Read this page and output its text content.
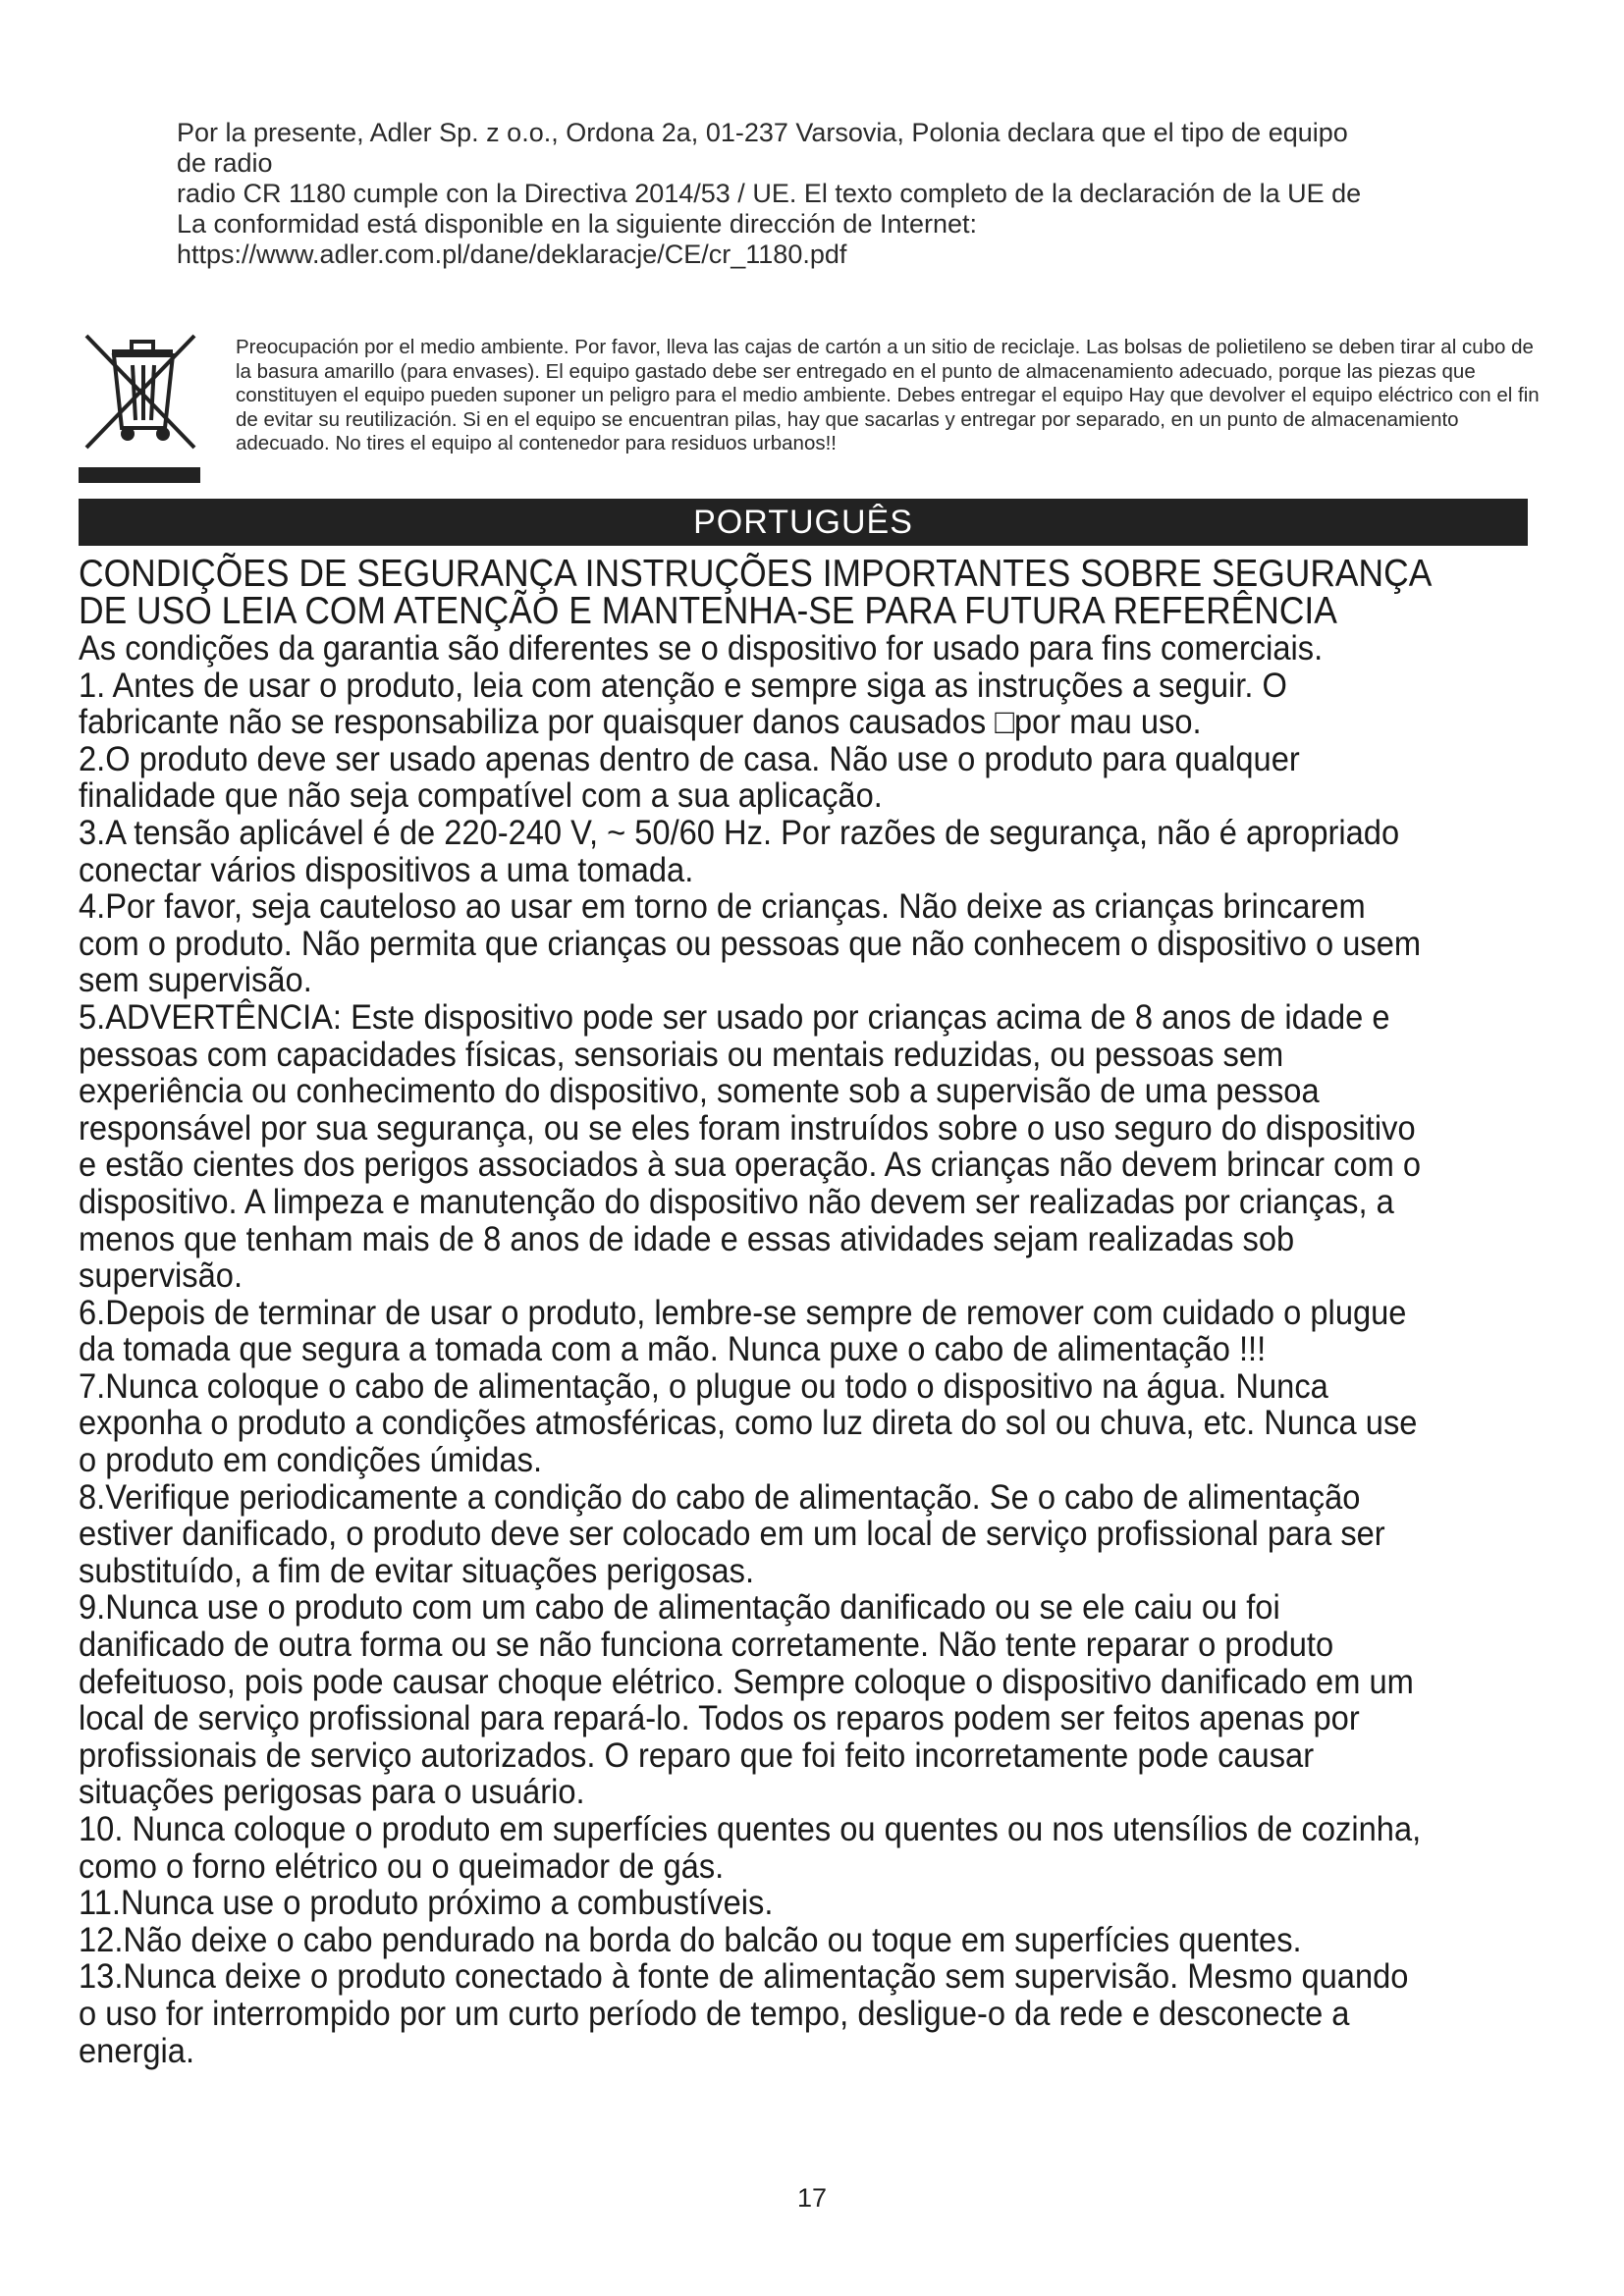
Por la presente, Adler Sp. z o.o., Ordona 2a, 01-237 Varsovia, Polonia declara que el tipo de equipo
de radio
radio CR 1180 cumple con la Directiva 2014/53 / UE. El texto completo de la declaración de la UE de
La conformidad está disponible en la siguiente dirección de Internet:
https://www.adler.com.pl/dane/deklaracje/CE/cr_1180.pdf
Preocupación por el medio ambiente. Por favor, lleva las cajas de cartón a un sitio de reciclaje. Las bolsas de polietileno se deben tirar al cubo de la basura amarillo (para envases). El equipo gastado debe ser entregado en el punto de almacenamiento adecuado, porque las piezas que constituyen el equipo pueden suponer un peligro para el medio ambiente. Debes entregar el equipo Hay que devolver el equipo eléctrico con el fin de evitar su reutilización. Si en el equipo se encuentran pilas, hay que sacarlas y entregar por separado, en un punto de almacenamiento adecuado. No tires el equipo al contenedor para residuos urbanos!!
PORTUGUÊS
CONDIÇÕES DE SEGURANÇA INSTRUÇÕES IMPORTANTES SOBRE SEGURANÇA DE USO LEIA COM ATENÇÃO E MANTENHA-SE PARA FUTURA REFERÊNCIA
As condições da garantia são diferentes se o dispositivo for usado para fins comerciais.
1. Antes de usar o produto, leia com atenção e sempre siga as instruções a seguir. O fabricante não se responsabiliza por quaisquer danos causados □por mau uso.
2.O produto deve ser usado apenas dentro de casa. Não use o produto para qualquer finalidade que não seja compatível com a sua aplicação.
3.A tensão aplicável é de 220-240 V, ~ 50/60 Hz. Por razões de segurança, não é apropriado conectar vários dispositivos a uma tomada.
4.Por favor, seja cauteloso ao usar em torno de crianças. Não deixe as crianças brincarem com o produto. Não permita que crianças ou pessoas que não conhecem o dispositivo o usem sem supervisão.
5.ADVERTÊNCIA: Este dispositivo pode ser usado por crianças acima de 8 anos de idade e pessoas com capacidades físicas, sensoriais ou mentais reduzidas, ou pessoas sem experiência ou conhecimento do dispositivo, somente sob a supervisão de uma pessoa responsável por sua segurança, ou se eles foram instruídos sobre o uso seguro do dispositivo e estão cientes dos perigos associados à sua operação. As crianças não devem brincar com o dispositivo. A limpeza e manutenção do dispositivo não devem ser realizadas por crianças, a menos que tenham mais de 8 anos de idade e essas atividades sejam realizadas sob supervisão.
6.Depois de terminar de usar o produto, lembre-se sempre de remover com cuidado o plugue da tomada que segura a tomada com a mão. Nunca puxe o cabo de alimentação !!!
7.Nunca coloque o cabo de alimentação, o plugue ou todo o dispositivo na água. Nunca exponha o produto a condições atmosféricas, como luz direta do sol ou chuva, etc. Nunca use o produto em condições úmidas.
8.Verifique periodicamente a condição do cabo de alimentação. Se o cabo de alimentação estiver danificado, o produto deve ser colocado em um local de serviço profissional para ser substituído, a fim de evitar situações perigosas.
9.Nunca use o produto com um cabo de alimentação danificado ou se ele caiu ou foi danificado de outra forma ou se não funciona corretamente. Não tente reparar o produto defeituoso, pois pode causar choque elétrico. Sempre coloque o dispositivo danificado em um local de serviço profissional para repará-lo. Todos os reparos podem ser feitos apenas por profissionais de serviço autorizados. O reparo que foi feito incorretamente pode causar situações perigosas para o usuário.
10. Nunca coloque o produto em superfícies quentes ou quentes ou nos utensílios de cozinha, como o forno elétrico ou o queimador de gás.
11.Nunca use o produto próximo a combustíveis.
12.Não deixe o cabo pendurado na borda do balcão ou toque em superfícies quentes.
13.Nunca deixe o produto conectado à fonte de alimentação sem supervisão. Mesmo quando o uso for interrompido por um curto período de tempo, desligue-o da rede e desconecte a energia.
17
